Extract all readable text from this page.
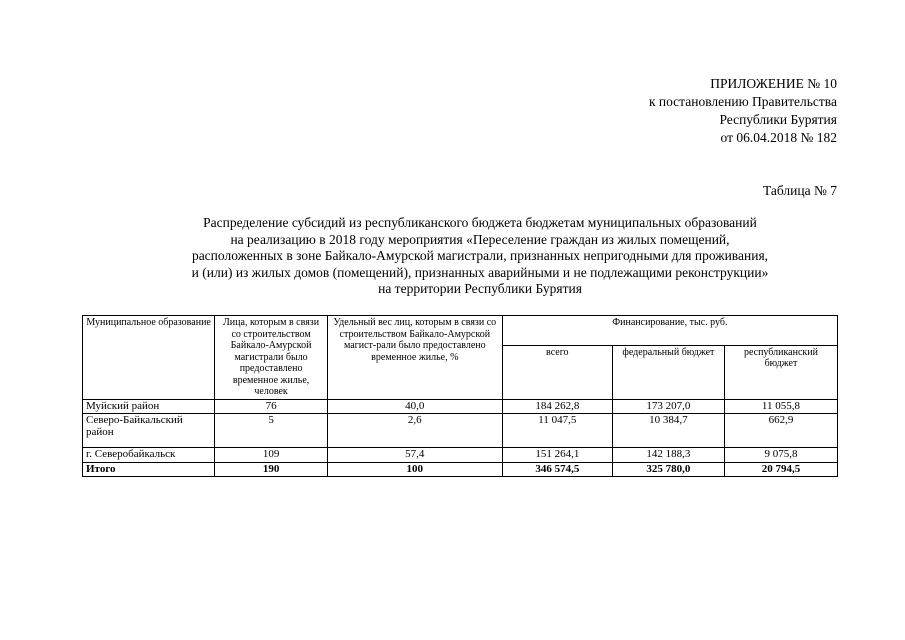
ПРИЛОЖЕНИЕ № 10
к постановлению Правительства
Республики Бурятия
от 06.04.2018 № 182
Таблица № 7
Распределение субсидий из республиканского бюджета бюджетам муниципальных образований
на реализацию в 2018 году мероприятия «Переселение граждан из жилых помещений,
расположенных в зоне Байкало-Амурской магистрали, признанных непригодными для проживания,
и (или) из жилых домов (помещений), признанных аварийными и не подлежащими реконструкции»
на территории Республики Бурятия
Муниципальное образование	Лица, которым в связи со строительством Байкало-Амурской магистрали было предоставлено временное жилье, человек	Удельный вес лиц, которым в связи со строительством Байкало-Амурской магист-рали было предоставлено временное жилье, %	Финансирование, тыс. руб.		
			всего	федеральный бюджет	республиканский бюджет
Муйский район	76	40,0	184 262,8	173 207,0	11 055,8
Северо-Байкальский район	5	2,6	11 047,5	10 384,7	662,9
г. Северобайкальск	109	57,4	151 264,1	142 188,3	9 075,8
Итого	190	100	346 574,5	325 780,0	20 794,5
